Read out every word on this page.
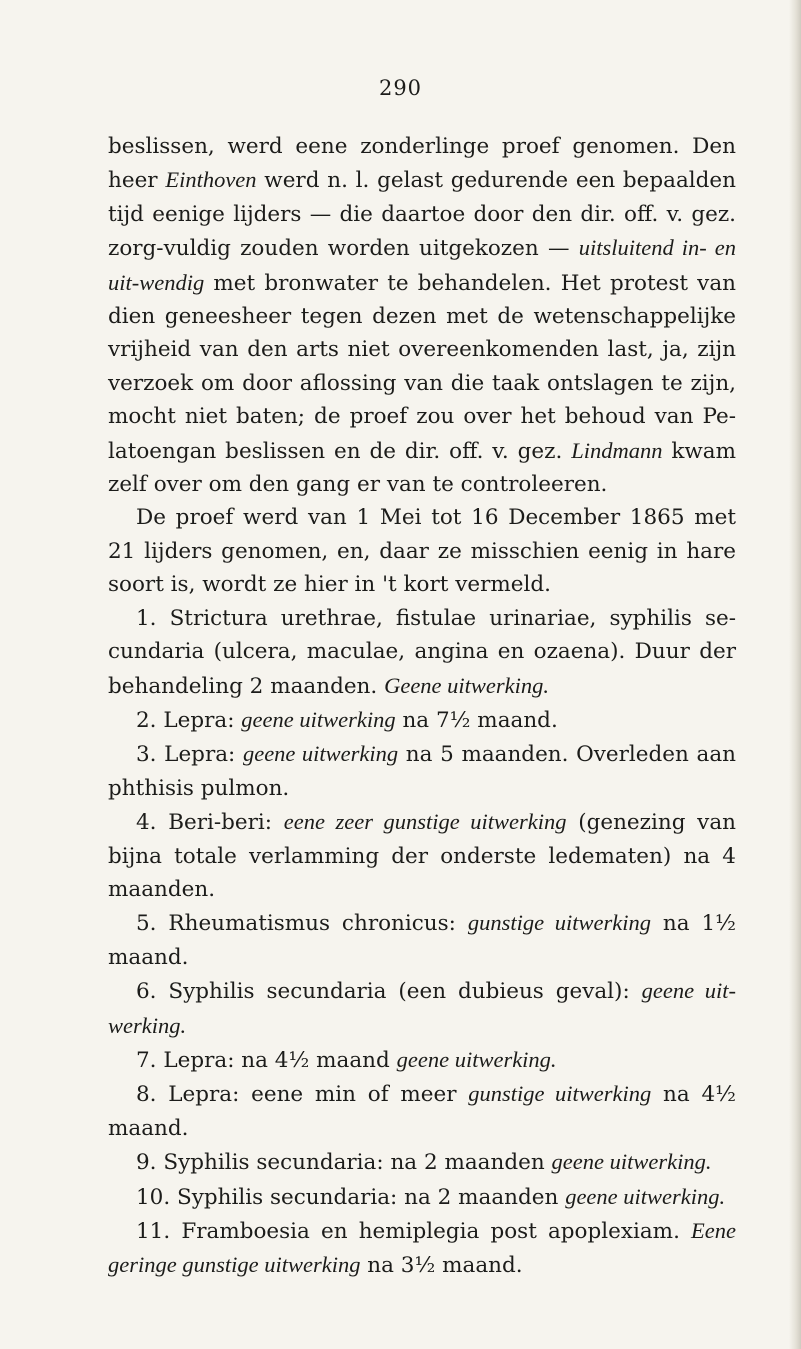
290

beslissen, werd eene zonderlinge proef genomen. Den heer Einthoven werd n. l. gelast gedurende een bepaalden tijd eenige lijders — die daartoe door den dir. off. v. gez. zorg-vuldig zouden worden uitgekozen — uitsluitend in- en uit-wendig met bronwater te behandelen. Het protest van dien geneesheer tegen dezen met de wetenschappelijke vrijheid van den arts niet overeenkomenden last, ja, zijn verzoek om door aflossing van die taak ontslagen te zijn, mocht niet baten; de proef zou over het behoud van Pe-latoengan beslissen en de dir. off. v. gez. Lindmann kwam zelf over om den gang er van te controleeren.

De proef werd van 1 Mei tot 16 December 1865 met 21 lijders genomen, en, daar ze misschien eenig in hare soort is, wordt ze hier in 't kort vermeld.

1. Strictura urethrae, fistulae urinariae, syphilis se-cundaria (ulcera, maculae, angina en ozaena). Duur der behandeling 2 maanden. Geene uitwerking.

2. Lepra: geene uitwerking na 7½ maand.

3. Lepra: geene uitwerking na 5 maanden. Overleden aan phthisis pulmon.

4. Beri-beri: eene zeer gunstige uitwerking (genezing van bijna totale verlamming der onderste ledematen) na 4 maanden.

5. Rheumatismus chronicus: gunstige uitwerking na 1½ maand.

6. Syphilis secundaria (een dubieus geval): geene uit-werking.

7. Lepra: na 4½ maand geene uitwerking.

8. Lepra: eene min of meer gunstige uitwerking na 4½ maand.

9. Syphilis secundaria: na 2 maanden geene uitwerking.

10. Syphilis secundaria: na 2 maanden geene uitwerking.

11. Framboesia en hemiplegia post apoplexiam. Eene geringe gunstige uitwerking na 3½ maand.
